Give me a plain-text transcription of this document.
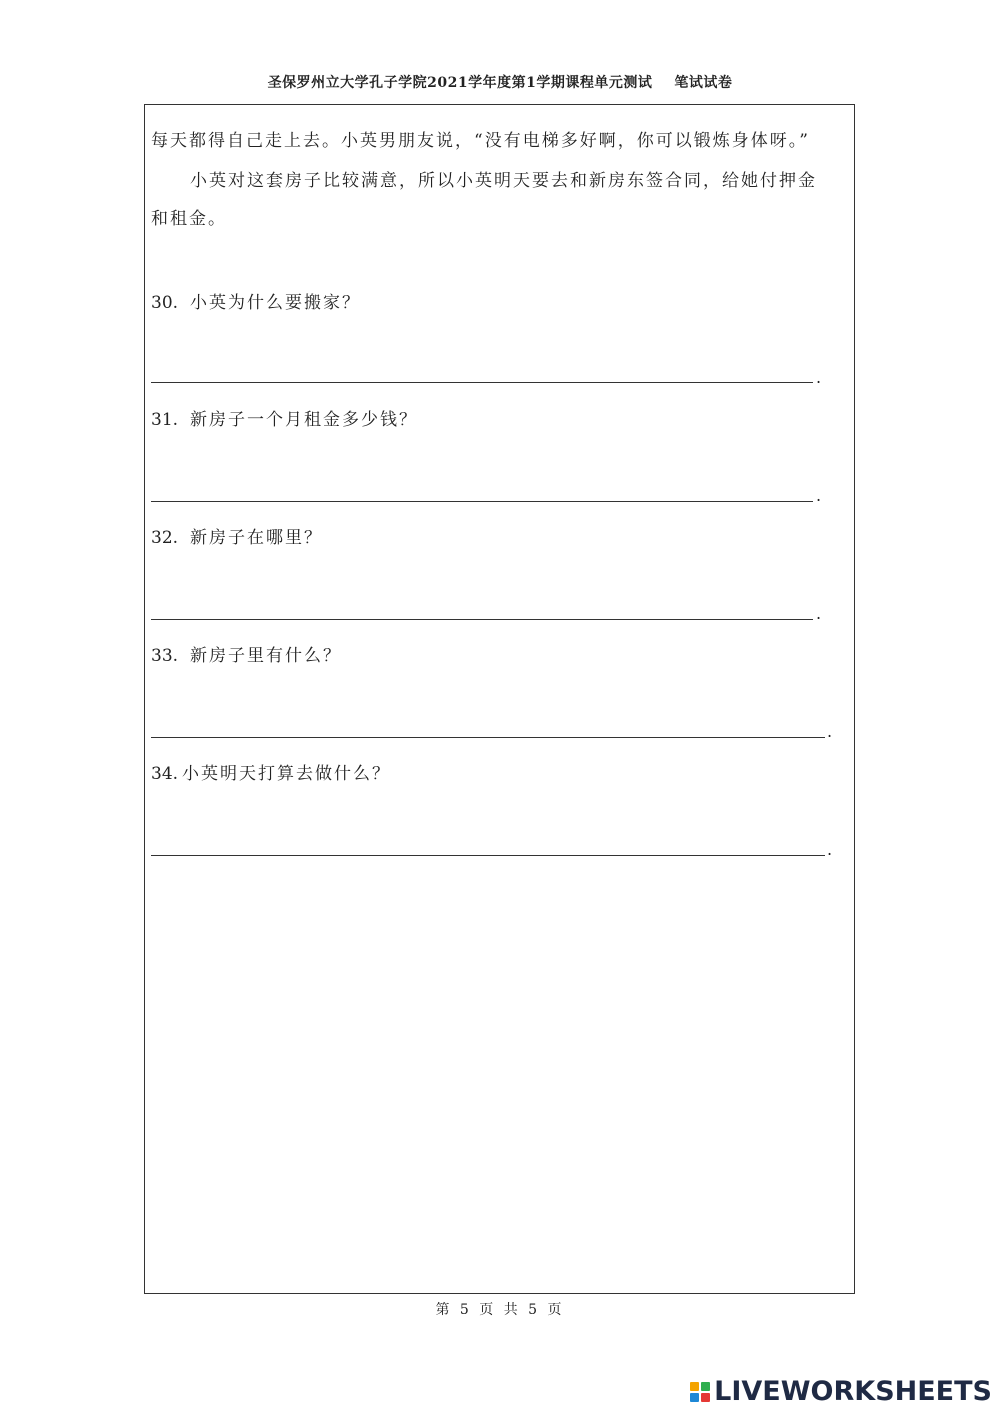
圣保罗州立大学孔子学院2021学年度第1学期课程单元测试 笔试试卷
每天都得自己走上去。小英男朋友说，“没有电梯多好啊，你可以锻炼身体呀。”
小英对这套房子比较满意，所以小英明天要去和新房东签合同，给她付押金
和租金。
30. 小英为什么要搬家？
.
31. 新房子一个月租金多少钱？
.
32. 新房子在哪里？
.
33. 新房子里有什么？
.
34. 小英明天打算去做什么？
.
第 5 页 共 5 页
LIVEWORKSHEETS
